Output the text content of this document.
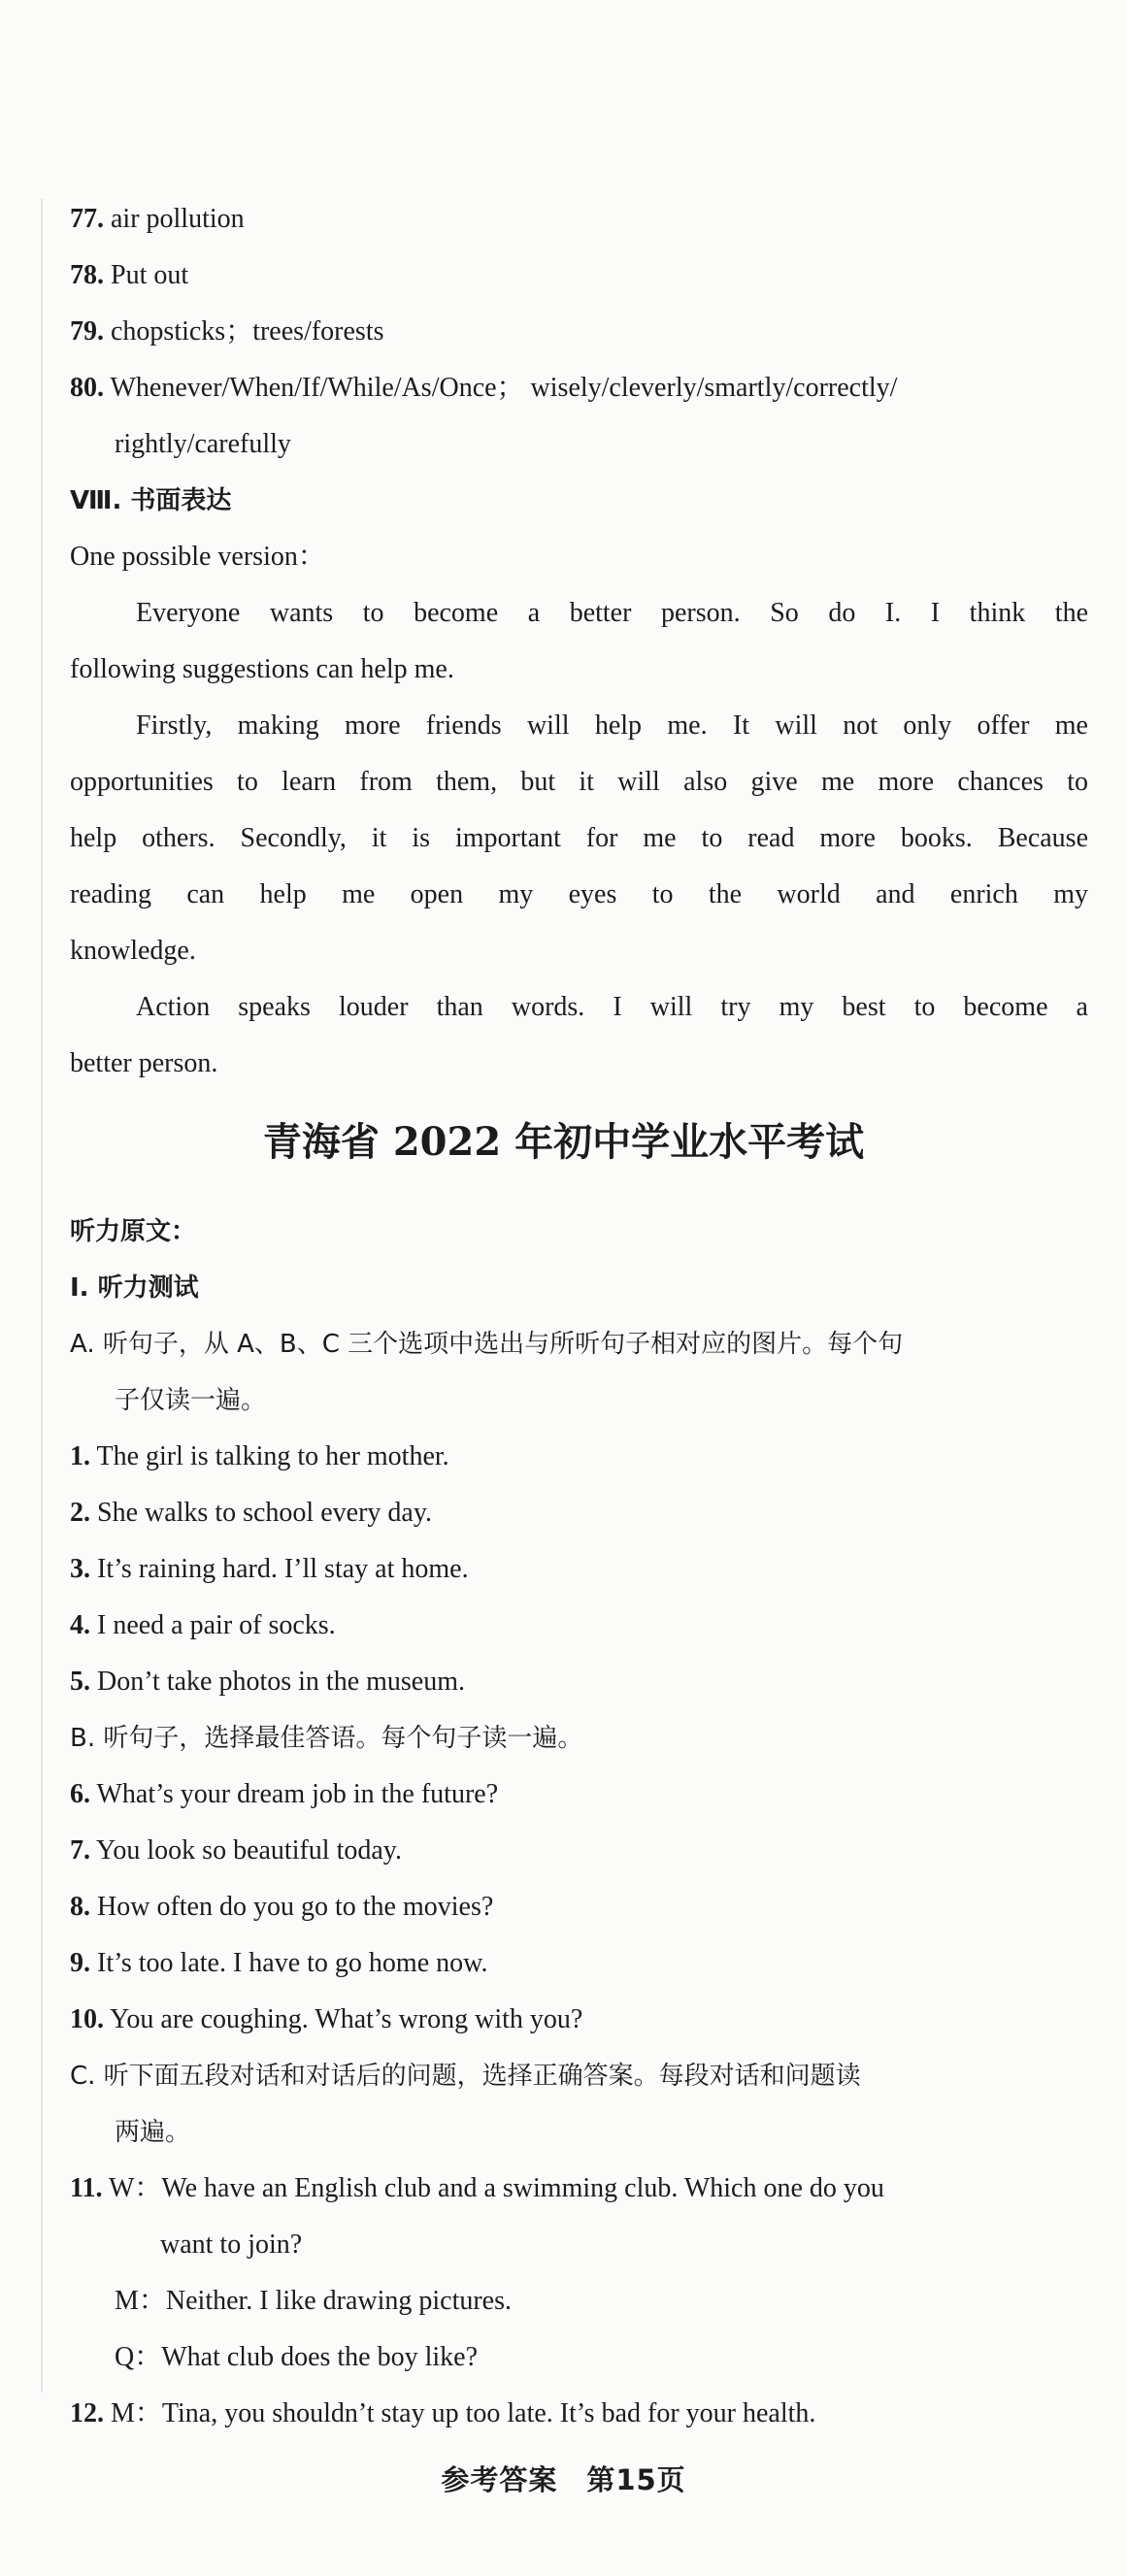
77. air pollution
78. Put out
79. chopsticks；trees/forests
80. Whenever/When/If/While/As/Once； wisely/cleverly/smartly/correctly/
rightly/carefully
Ⅷ. 书面表达
One possible version：
Everyone wants to become a better person. So do I. I think the
following suggestions can help me.
Firstly, making more friends will help me. It will not only offer me
opportunities to learn from them, but it will also give me more chances to
help others. Secondly, it is important for me to read more books. Because
reading can help me open my eyes to the world and enrich my
knowledge.
Action speaks louder than words. I will try my best to become a
better person.
青海省 2022 年初中学业水平考试
听力原文：
Ⅰ. 听力测试
A. 听句子，从 A、B、C 三个选项中选出与所听句子相对应的图片。每个句
子仅读一遍。
1. The girl is talking to her mother.
2. She walks to school every day.
3. It’s raining hard. I’ll stay at home.
4. I need a pair of socks.
5. Don’t take photos in the museum.
B. 听句子，选择最佳答语。每个句子读一遍。
6. What’s your dream job in the future?
7. You look so beautiful today.
8. How often do you go to the movies?
9. It’s too late. I have to go home now.
10. You are coughing. What’s wrong with you?
C. 听下面五段对话和对话后的问题，选择正确答案。每段对话和问题读
两遍。
11. W：We have an English club and a swimming club. Which one do you
want to join?
M：Neither. I like drawing pictures.
Q：What club does the boy like?
12. M：Tina, you shouldn’t stay up too late. It’s bad for your health.
参考答案　第15页
